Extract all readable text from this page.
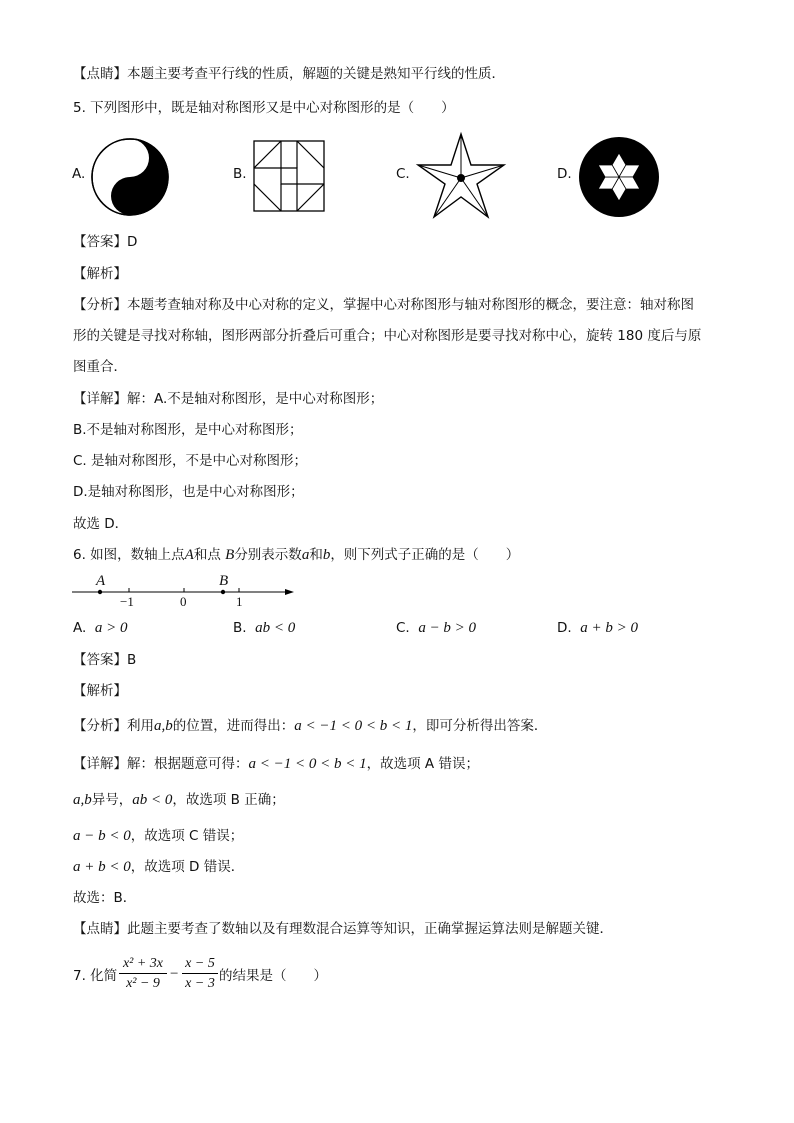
【点睛】本题主要考查平行线的性质，解题的关键是熟知平行线的性质．
5. 下列图形中，既是轴对称图形又是中心对称图形的是（　　）
A.	B.	C.	D.
【答案】D
【解析】
【分析】本题考查轴对称及中心对称的定义，掌握中心对称图形与轴对称图形的概念，要注意：轴对称图
形的关键是寻找对称轴，图形两部分折叠后可重合；中心对称图形是要寻找对称中心，旋转 180 度后与原
图重合．
【详解】解：A.不是轴对称图形，是中心对称图形；
B.不是轴对称图形，是中心对称图形；
C. 是轴对称图形，不是中心对称图形；
D.是轴对称图形，也是中心对称图形；
故选 D．
6. 如图，数轴上点A和点 B分别表示数a和b，则下列式子正确的是（　　）
A	B
−1	0	1
A. a > 0	B. ab < 0	C. a − b > 0	D. a + b > 0
【答案】B
【解析】
【分析】利用a,b的位置，进而得出：a < −1 < 0 < b < 1，即可分析得出答案．
【详解】解：根据题意可得：a < −1 < 0 < b < 1，故选项 A 错误；
a,b异号，ab < 0，故选项 B 正确；
a − b < 0，故选项 C 错误；
a + b < 0，故选项 D 错误．
故选：B．
【点睛】此题主要考查了数轴以及有理数混合运算等知识，正确掌握运算法则是解题关键．
7. 化简 $\frac{\text{x² + 3x}}{\text{x² − 9}} - \frac{x - 5}{x - 3}$ 的结果是（　　）
